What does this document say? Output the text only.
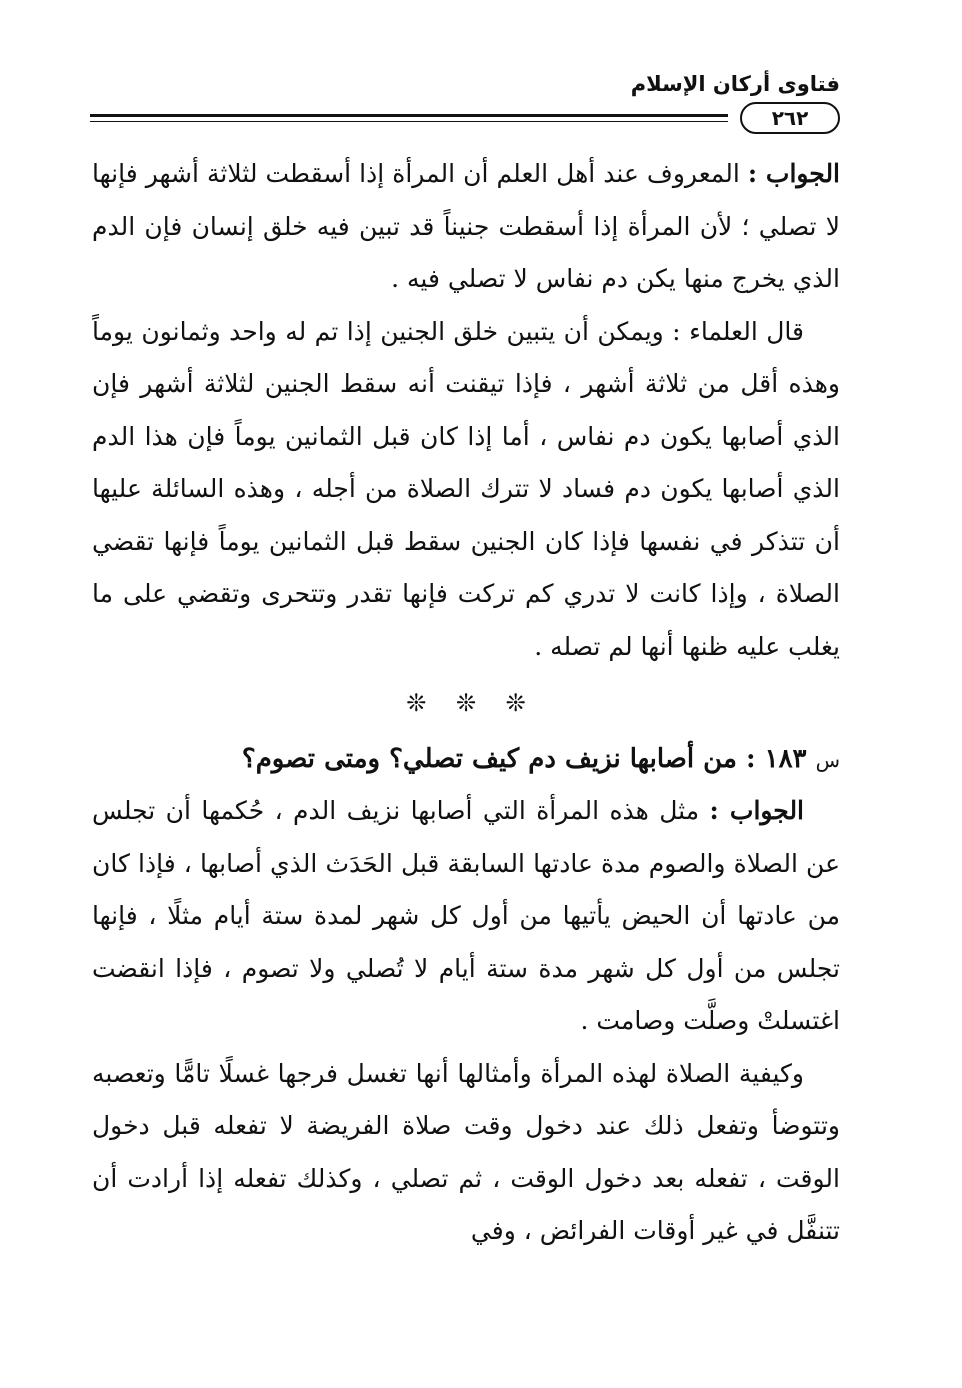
فتاوى أركان الإسلام
٢٦٢

الجواب : المعروف عند أهل العلم أن المرأة إذا أسقطت لثلاثة أشهر فإنها لا تصلي ؛ لأن المرأة إذا أسقطت جنيناً قد تبين فيه خلق إنسان فإن الدم الذي يخرج منها يكن دم نفاس لا تصلي فيه .

قال العلماء : ويمكن أن يتبين خلق الجنين إذا تم له واحد وثمانون يوماً وهذه أقل من ثلاثة أشهر ، فإذا تيقنت أنه سقط الجنين لثلاثة أشهر فإن الذي أصابها يكون دم نفاس ، أما إذا كان قبل الثمانين يوماً فإن هذا الدم الذي أصابها يكون دم فساد لا تترك الصلاة من أجله ، وهذه السائلة عليها أن تتذكر في نفسها فإذا كان الجنين سقط قبل الثمانين يوماً فإنها تقضي الصلاة ، وإذا كانت لا تدري كم تركت فإنها تقدر وتتحرى وتقضي على ما يغلب عليه ظنها أنها لم تصله .

❊ ❊ ❊

س ١٨٣ : من أصابها نزيف دم كيف تصلي؟ ومتى تصوم؟

الجواب : مثل هذه المرأة التي أصابها نزيف الدم ، حُكمها أن تجلس عن الصلاة والصوم مدة عادتها السابقة قبل الحَدَث الذي أصابها ، فإذا كان من عادتها أن الحيض يأتيها من أول كل شهر لمدة ستة أيام مثلًا ، فإنها تجلس من أول كل شهر مدة ستة أيام لا تُصلي ولا تصوم ، فإذا انقضت اغتسلتْ وصلَّت وصامت .

وكيفية الصلاة لهذه المرأة وأمثالها أنها تغسل فرجها غسلًا تامًّا وتعصبه وتتوضأ وتفعل ذلك عند دخول وقت صلاة الفريضة لا تفعله قبل دخول الوقت ، تفعله بعد دخول الوقت ، ثم تصلي ، وكذلك تفعله إذا أرادت أن تتنفَّل في غير أوقات الفرائض ، وفي
